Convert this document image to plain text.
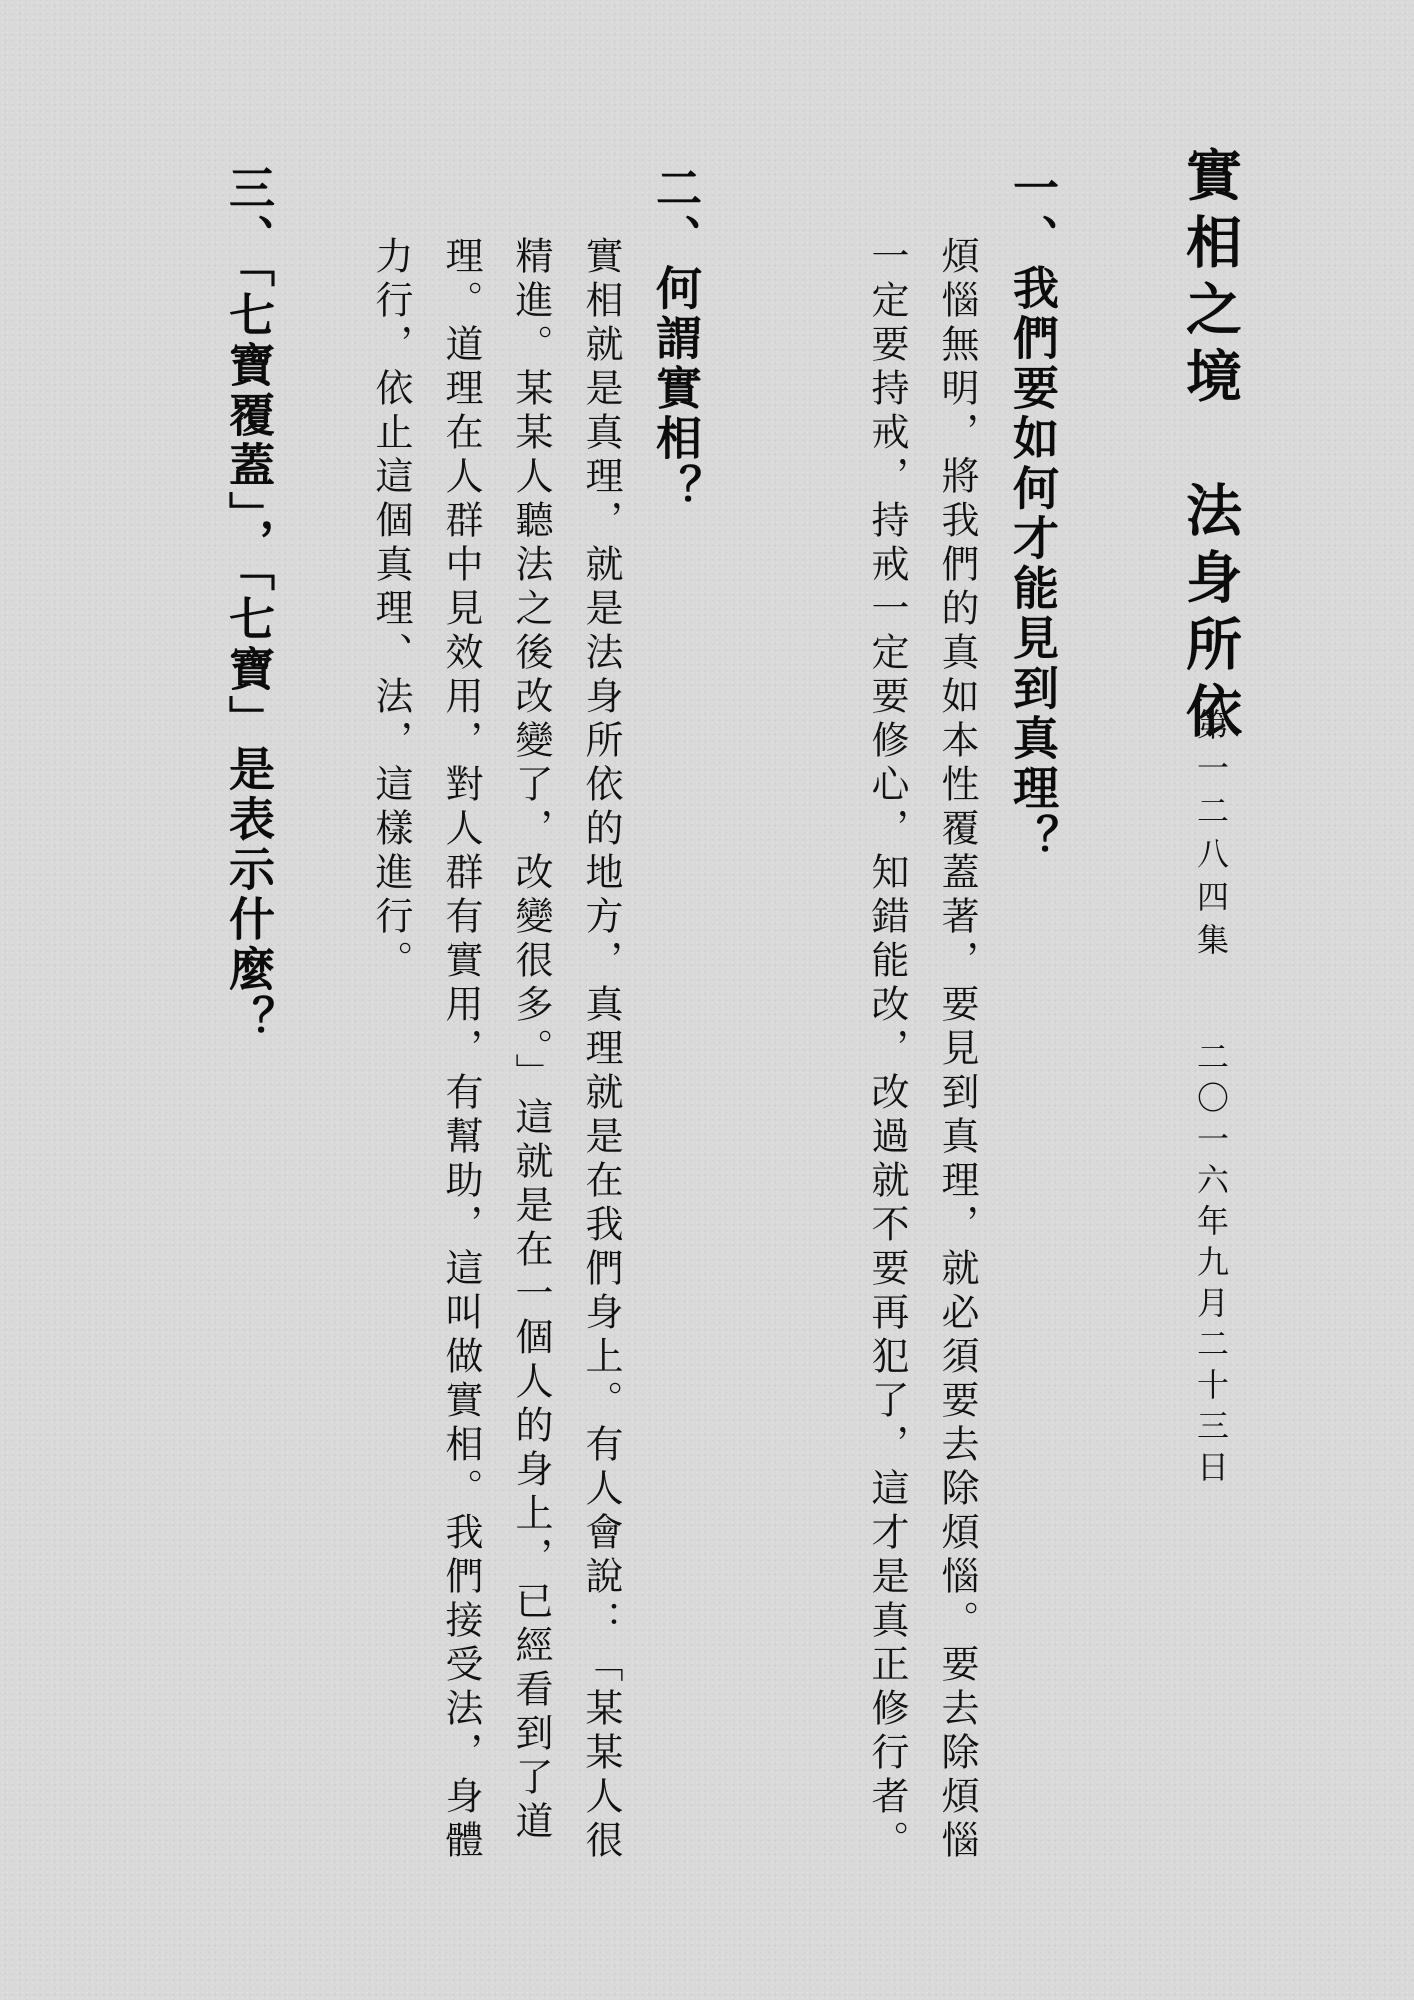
實相之境　法身所依
第一二八四集
二〇一六年九月二十三日
一、我們要如何才能見到真理？
煩惱無明，將我們的真如本性覆蓋著，要見到真理，就必須要去除煩惱。要去除煩惱一定要持戒，持戒一定要修心，知錯能改，改過就不要再犯了，這才是真正修行者。
二、何謂實相？
實相就是真理，就是法身所依的地方，真理就是在我們身上。有人會說：「某某人很精進。某某人聽法之後改變了，改變很多。」這就是在一個人的身上，已經看到了道理。道理在人群中見效用，對人群有實用，有幫助，這叫做實相。我們接受法，身體力行，依止這個真理、法，這樣進行。
三、「七寶覆蓋」，「七寶」是表示什麼？
